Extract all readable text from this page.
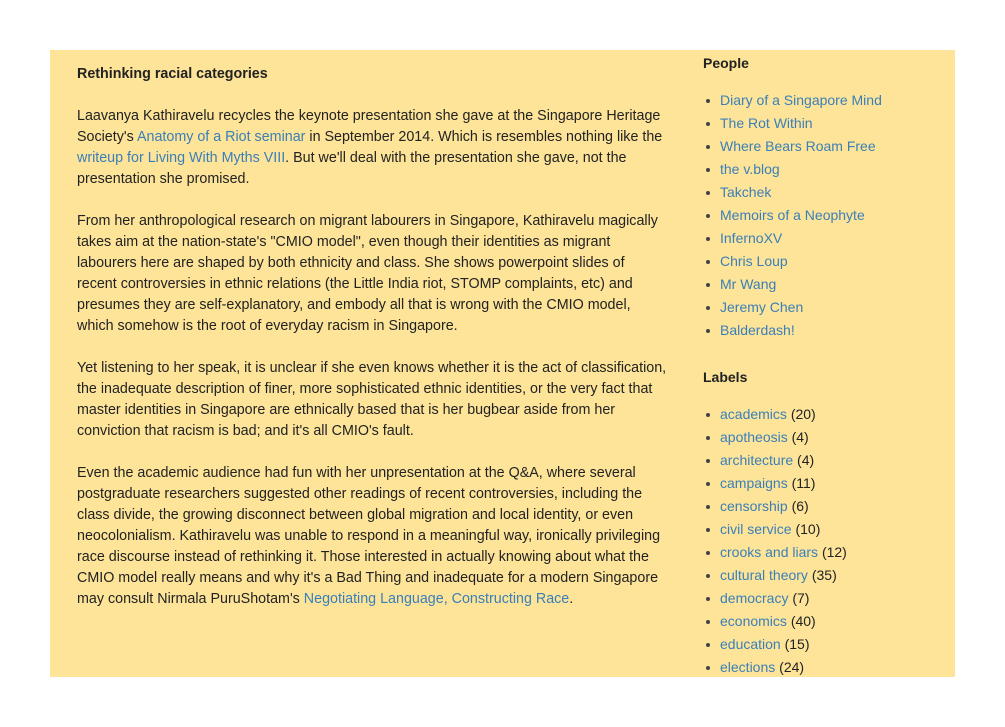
Rethinking racial categories

Laavanya Kathiravelu recycles the keynote presentation she gave at the Singapore Heritage Society's Anatomy of a Riot seminar in September 2014. Which is resembles nothing like the writeup for Living With Myths VIII. But we'll deal with the presentation she gave, not the presentation she promised.

From her anthropological research on migrant labourers in Singapore, Kathiravelu magically takes aim at the nation-state's "CMIO model", even though their identities as migrant labourers here are shaped by both ethnicity and class. She shows powerpoint slides of recent controversies in ethnic relations (the Little India riot, STOMP complaints, etc) and presumes they are self-explanatory, and embody all that is wrong with the CMIO model, which somehow is the root of everyday racism in Singapore.

Yet listening to her speak, it is unclear if she even knows whether it is the act of classification, the inadequate description of finer, more sophisticated ethnic identities, or the very fact that master identities in Singapore are ethnically based that is her bugbear aside from her conviction that racism is bad; and it's all CMIO's fault.

Even the academic audience had fun with her unpresentation at the Q&A, where several postgraduate researchers suggested other readings of recent controversies, including the class divide, the growing disconnect between global migration and local identity, or even neocolonialism. Kathiravelu was unable to respond in a meaningful way, ironically privileging race discourse instead of rethinking it. Those interested in actually knowing about what the CMIO model really means and why it's a Bad Thing and inadequate for a modern Singapore may consult Nirmala PuruShotam's Negotiating Language, Constructing Race.

People
Diary of a Singapore Mind
The Rot Within
Where Bears Roam Free
the v.blog
Takchek
Memoirs of a Neophyte
InfernoXV
Chris Loup
Mr Wang
Jeremy Chen
Balderdash!
Labels
academics (20)
apotheosis (4)
architecture (4)
campaigns (11)
censorship (6)
civil service (10)
crooks and liars (12)
cultural theory (35)
democracy (7)
economics (40)
education (15)
elections (24)
